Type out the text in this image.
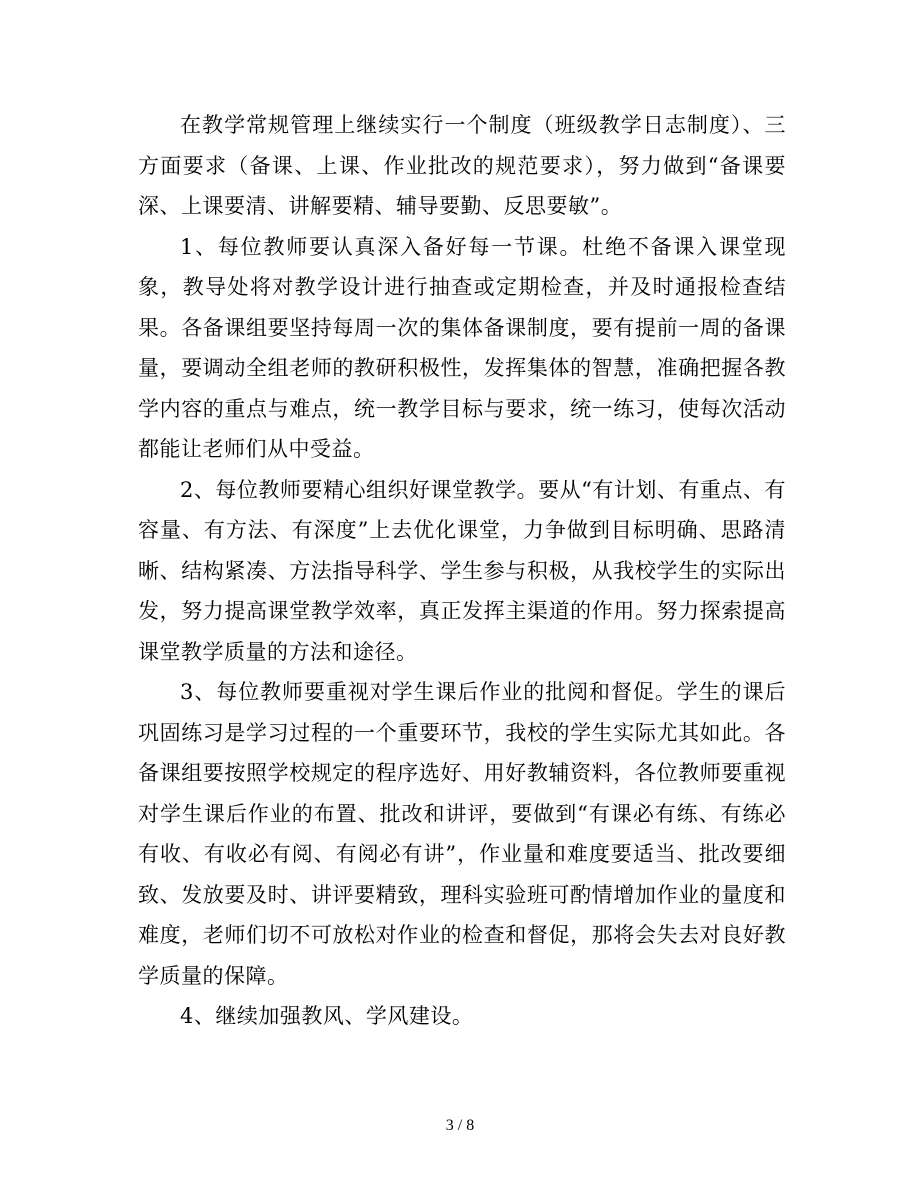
在教学常规管理上继续实行一个制度（班级教学日志制度）、三方面要求（备课、上课、作业批改的规范要求），努力做到“备课要深、上课要清、讲解要精、辅导要勤、反思要敏”。

1、每位教师要认真深入备好每一节课。杜绝不备课入课堂现象，教导处将对教学设计进行抽查或定期检查，并及时通报检查结果。各备课组要坚持每周一次的集体备课制度，要有提前一周的备课量，要调动全组老师的教研积极性，发挥集体的智慧，准确把握各教学内容的重点与难点，统一教学目标与要求，统一练习，使每次活动都能让老师们从中受益。

2、每位教师要精心组织好课堂教学。要从“有计划、有重点、有容量、有方法、有深度”上去优化课堂，力争做到目标明确、思路清晰、结构紧凑、方法指导科学、学生参与积极，从我校学生的实际出发，努力提高课堂教学效率，真正发挥主渠道的作用。努力探索提高课堂教学质量的方法和途径。

3、每位教师要重视对学生课后作业的批阅和督促。学生的课后巩固练习是学习过程的一个重要环节，我校的学生实际尤其如此。各备课组要按照学校规定的程序选好、用好教辅资料，各位教师要重视对学生课后作业的布置、批改和讲评，要做到“有课必有练、有练必有收、有收必有阅、有阅必有讲”，作业量和难度要适当、批改要细致、发放要及时、讲评要精致，理科实验班可酌情增加作业的量度和难度，老师们切不可放松对作业的检查和督促，那将会失去对良好教学质量的保障。

4、继续加强教风、学风建设。

3 / 8
